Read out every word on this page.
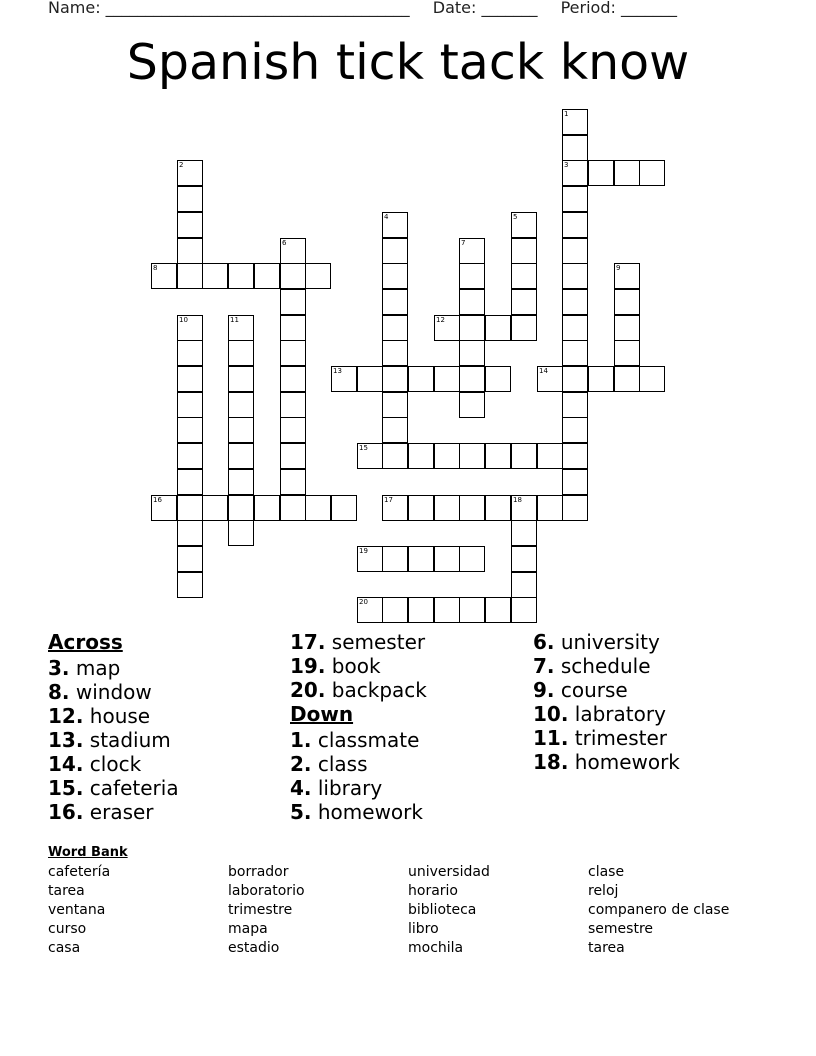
Name: ______________________________________ Date: _______ Period: _______
Spanish tick tack know
3
8
12
13	14
15
16	17	18
19
20
1
2
4	5
6	7
9
10	11
Across
3. map
8. window
12. house
13. stadium
14. clock
15. cafeteria
16. eraser
17. semester
19. book
20. backpack
Down
1. classmate
2. class
4. library
5. homework
6. university
7. schedule
9. course
10. labratory
11. trimester
18. homework
Word Bank
cafetería
tarea
ventana
curso
casa
borrador
laboratorio
trimestre
mapa
estadio
universidad
horario
biblioteca
libro
mochila
clase
reloj
companero de clase
semestre
tarea
